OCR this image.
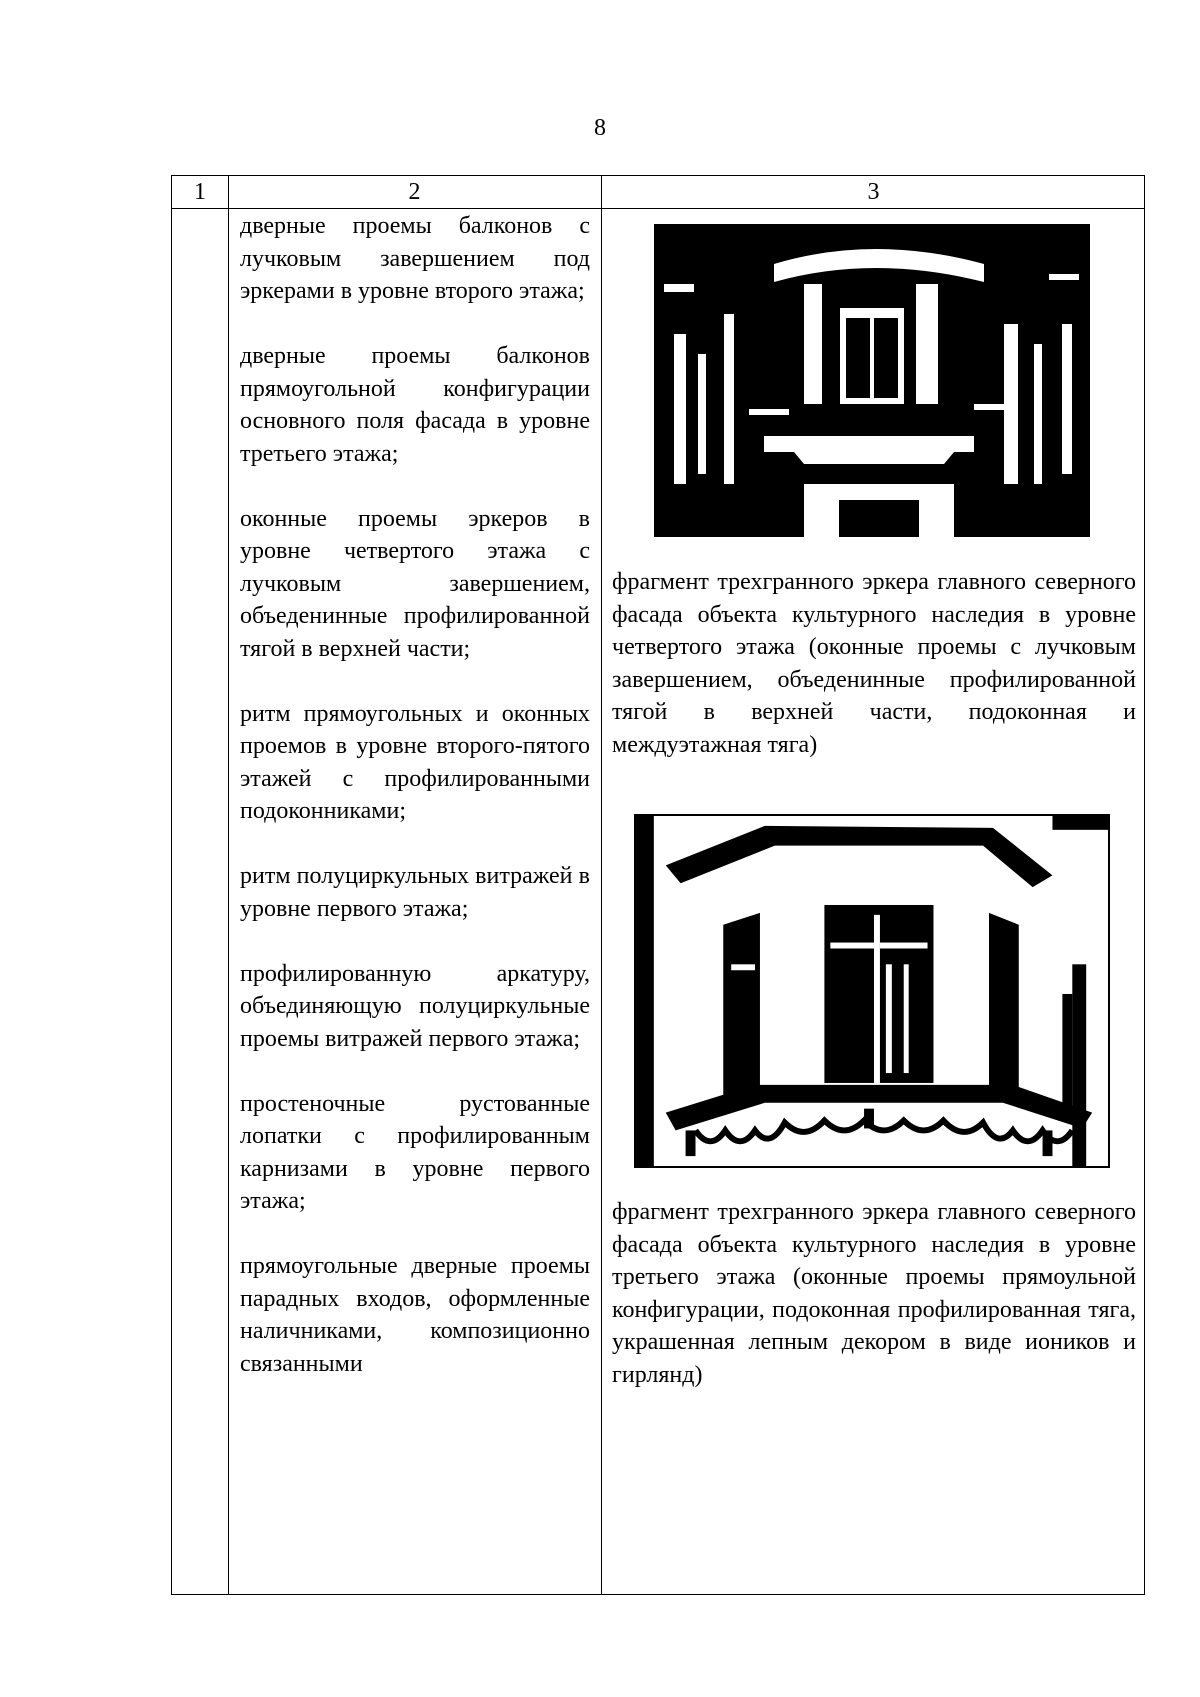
8
1	2	3

дверные проемы балконов с лучковым завершением под эркерами в уровне второго этажа;

дверные проемы балконов прямоугольной конфигурации основного поля фасада в уровне третьего этажа;

оконные проемы эркеров в уровне четвертого этажа с лучковым завершением, объеденинные профилированной тягой в верхней части;

ритм прямоугольных и оконных проемов в уровне второго-пятого этажей с профилированными подоконниками;

ритм полуциркульных витражей в уровне первого этажа;

профилированную аркатуру, объединяющую полуциркульные проемы витражей первого этажа;

простеночные рустованные лопатки с профилированным карнизами в уровне первого этажа;

прямоугольные дверные проемы парадных входов, оформленные наличниками, композиционно связанными

фрагмент трехгранного эркера главного северного фасада объекта культурного наследия в уровне четвертого этажа (оконные проемы с лучковым завершением, объеденинные профилированной тягой в верхней части, подоконная и междуэтажная тяга)
фрагмент трехгранного эркера главного северного фасада объекта культурного наследия в уровне третьего этажа (оконные проемы прямоульной конфигурации, подоконная профилированная тяга, украшенная лепным декором в виде иоников и гирлянд)
